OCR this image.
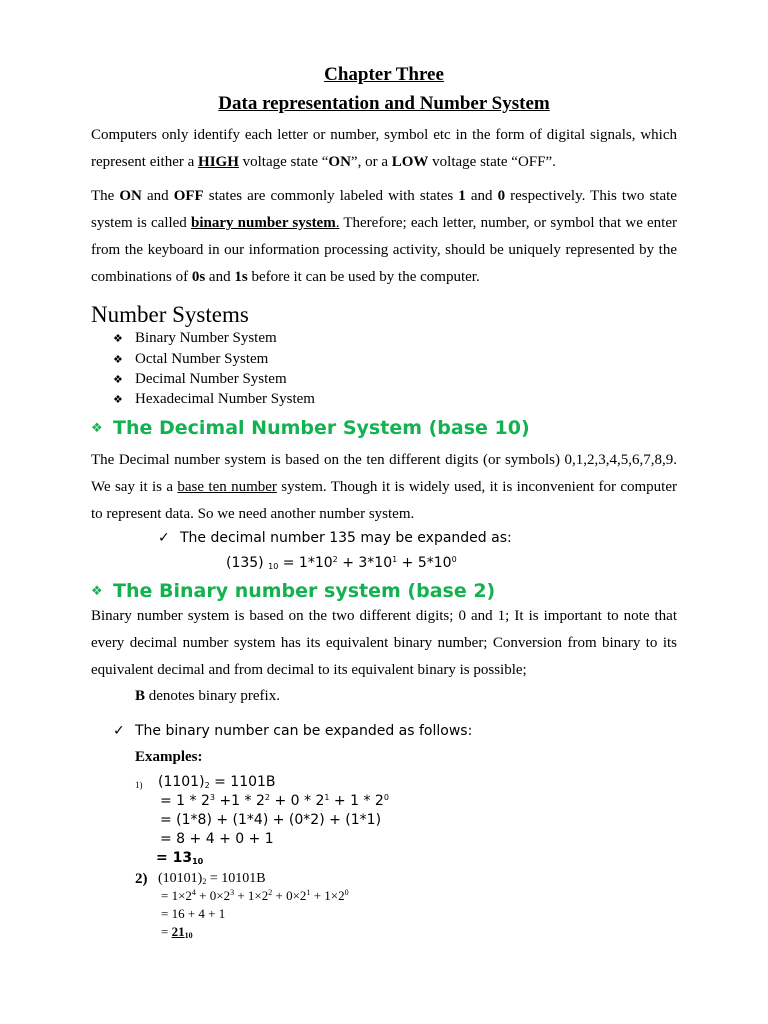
Chapter Three
Data representation and Number System

Computers only identify each letter or number, symbol etc in the form of digital signals, which represent either a HIGH voltage state “ON”, or a LOW voltage state “OFF”.

The ON and OFF states are commonly labeled with states 1 and 0 respectively. This two state system is called binary number system. Therefore; each letter, number, or symbol that we enter from the keyboard in our information processing activity, should be uniquely represented by the combinations of 0s and 1s before it can be used by the computer.

Number Systems
❖ Binary Number System
❖ Octal Number System
❖ Decimal Number System
❖ Hexadecimal Number System
❖ The Decimal Number System (base 10)

The Decimal number system is based on the ten different digits (or symbols) 0,1,2,3,4,5,6,7,8,9. We say it is a base ten number system. Though it is widely used, it is inconvenient for computer to represent data. So we need another number system.

✓ The decimal number 135 may be expanded as:
(135) $_{10} = 1*10^2 + 3*10^1 + 5*10^0$
❖ The Binary number system (base 2)

Binary number system is based on the two different digits; 0 and 1; It is important to note that every decimal number system has its equivalent binary number; Conversion from binary to its equivalent decimal and from decimal to its equivalent binary is possible;

B denotes binary prefix.
✓ The binary number can be expanded as follows:
Examples:
1) $(1101)_2 = 1101B$
= $1 * 2^3 +1 * 2^2 + 0 * 2^1 + 1 * 2^0$
= (1*8) + (1*4) + (0*2) + (1*1)
= 8 + 4 + 0 + 1
= $13_{10}$
2) $(10101)_2 = 10101B$
= $1\times 2^4 + 0\times 2^3 + 1\times 2^2 + 0\times 2^1 + 1\times 2^0$
= 16 + 4 + 1
= $21_{10}$
